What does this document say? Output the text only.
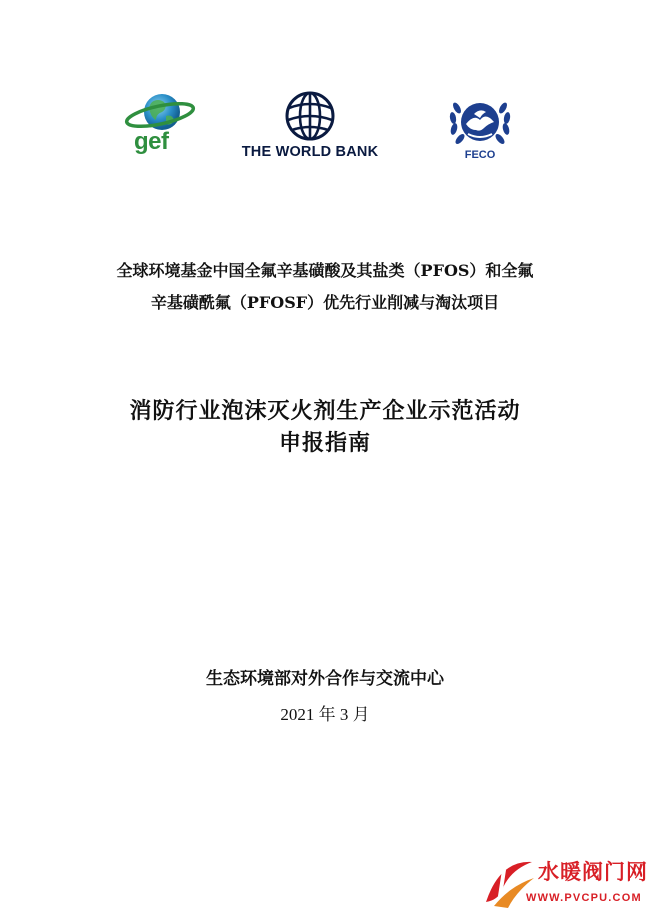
gef	THE WORLD BANK	FECO
全球环境基金中国全氟辛基磺酸及其盐类（PFOS）和全氟
辛基磺酰氟（PFOSF）优先行业削减与淘汰项目
消防行业泡沫灭火剂生产企业示范活动
申报指南
生态环境部对外合作与交流中心
2021 年 3 月
水暖阀门网
WWW.PVCPU.COM
